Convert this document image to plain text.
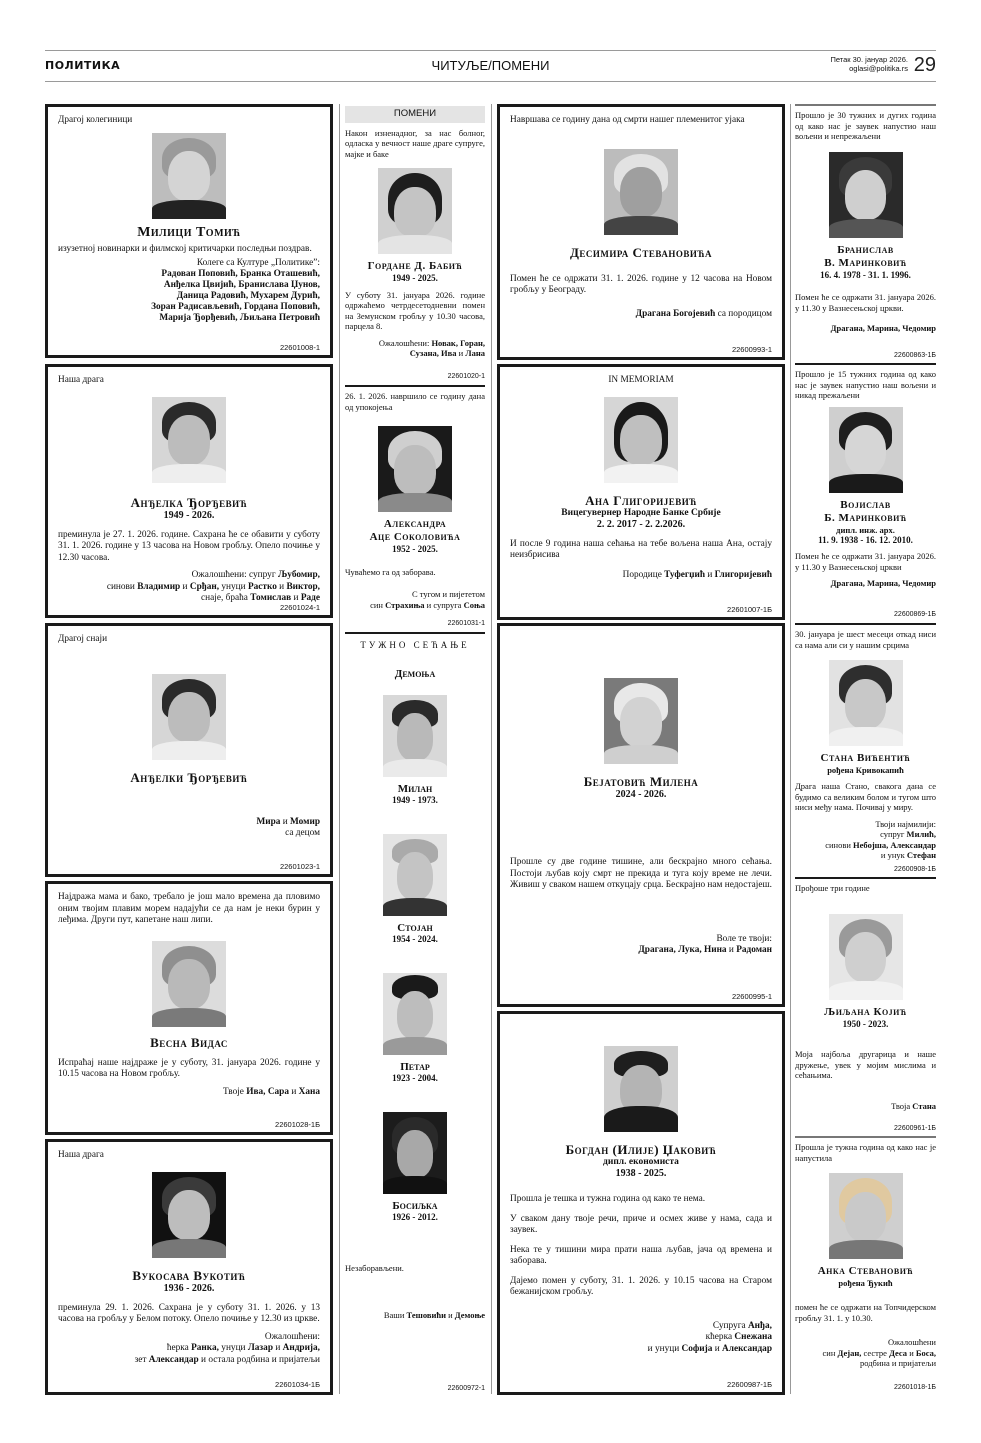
ПОЛИТИКА	ЧИТУЉЕ/ПОМЕНИ	Петак 30. јануар 2026.
oglasi@politika.rs 29
Драгој колегиници
Милици Томић
изузетној новинарки и филмској критичарки последњи поздрав.
Колеге са Културе „Политике”:
Радован Поповић, Бранка Оташевић,
Анђелка Цвијић, Бранислава Џунов,
Даница Радовић, Мухарем Дурић,
Зоран Радисављевић, Гордана Поповић,
Марија Ђорђевић, Љиљана Петровић
22601008-1
Наша драга
Анђелка Ђорђевић
1949 - 2026.
преминула је 27. 1. 2026. године. Сахрана ће се обавити у суботу 31. 1. 2026. године у 13 часова на Новом гробљу. Опело почиње у 12.30 часова.
Ожалошћени: супруг Љубомир,
синови Владимир и Срђан, унуци Растко и Виктор,
снаје, браћа Томислав и Раде
22601024-1
Драгој снаји
Анђелки Ђорђевић
Мира и Момир
са децом
22601023-1
Најдража мама и бако, требало је још мало времена да пловимо оним твојим плавим морем надајући се да нам је неки бурин у леђима. Други пут, капетане наш липи.
Весна Видас
Испраћај наше најдраже је у суботу, 31. јануара 2026. године у 10.15 часова на Новом гробљу.
Твоје Ива, Сара и Хана
22601028-1Б
Наша драга
Вукосава Вукотић
1936 - 2026.
преминула 29. 1. 2026. Сахрана је у суботу 31. 1. 2026. у 13 часова на гробљу у Белом потоку. Опело почиње у 12.30 из цркве.
Ожалошћени:
ћерка Ранка, унуци Лазар и Андрија,
зет Александар и остала родбина и пријатељи
22601034-1Б
ПОМЕНИ
Након изненадног, за нас болног, одласка у вечност наше драге супруге, мајке и баке
Гордане Д. Бабић
1949 - 2025.
У суботу 31. јануара 2026. године одржаћемо четрдесетодневни помен на Земунском гробљу у 10.30 часова, парцела 8.
Ожалошћени: Новак, Горан,
Сузана, Ива и Лана
22601020-1
26. 1. 2026. навршило се годину дана од упокојења
Александра
Аце Соколовића
1952 - 2025.
Чуваћемо га од заборава.
С тугом и пијететом
син Страхиња и супруга Соња
22601031-1
ТУЖНО СЕЋАЊЕ
Демоња
Милан
1949 - 1973.
Стојан
1954 - 2024.
Петар
1923 - 2004.
Босиљка
1926 - 2012.
Незаборављени.
Ваши Тешовићи и Демоње
22600972-1
Навршава се годину дана од смрти нашег племенитог ујака
Десимира Стевановића
Помен ће се одржати 31. 1. 2026. године у 12 часова на Новом гробљу у Београду.
Драгана Богојевић са породицом
22600993-1
IN MEMORIAM
Ана Глигоријевић
Вицегувернер Народне Банке Србије
2. 2. 2017 - 2. 2.2026.
И после 9 година наша сећања на тебе вољена наша Ана, остају неизбрисива
Породице Туфегџић и Глигоријевић
22601007-1Б
Бејатовић Милена
2024 - 2026.
Прошле су две године тишине, али бескрајно много сећања. Постоји љубав коју смрт не прекида и туга коју време не лечи. Живиш у сваком нашем откуцају срца. Бескрајно нам недостајеш.
Воле те твоји:
Драгана, Лука, Нина и Радоман
22600995-1
Богдан (Илије) Џаковић
дипл. економиста
1938 - 2025.
Прошла је тешка и тужна година од како те нема.
У сваком дану твоје речи, приче и осмех живе у нама, сада и заувек.
Нека те у тишини мира прати наша љубав, јача од времена и заборава.
Дајемо помен у суботу, 31. 1. 2026. у 10.15 часова на Старом бежанијском гробљу.
Супруга Анђа,
кћерка Снежана
и унуци Софија и Александар
22600987-1Б
Прошло је 30 тужних и дугих година од како нас је заувек напустио наш вољени и непрежаљени
Бранислав
В. Маринковић
16. 4. 1978 - 31. 1. 1996.
Помен ће се одржати 31. јануара 2026. у 11.30 у Вазнесењској цркви.
Драгана, Марина, Чедомир
22600863-1Б
Прошло је 15 тужних година од како нас је заувек напустио наш вољени и никад прежаљени
Војислав
Б. Маринковић
дипл. инж. арх.
11. 9. 1938 - 16. 12. 2010.
Помен ће се одржати 31. јануара 2026. у 11.30 у Вазнесењској цркви
Драгана, Марина, Чедомир
22600869-1Б
30. јануара је шест месеци откад ниси са нама али си у нашим срцима
Стана Вићентић
рођена Кривокапић
Драга наша Стано, свакога дана се будимо са великим болом и тугом што ниси међу нама. Почивај у миру.
Твоји најмилији:
супруг Милић,
синови Небојша, Александар
и унук Стефан
22600908-1Б
Прођоше три године
Љиљана Којић
1950 - 2023.
Моја најбоља другарица и наше дружење, увек у мојим мислима и сећањима.
Твоја Стана
22600961-1Б
Прошла је тужна година од како нас је напустила
Анка Стевановић
рођена Ђукић
помен ће се одржати на Топчидерском гробљу 31. 1. у 10.30.
Ожалошћени
син Дејан, сестре Деса и Боса,
родбина и пријатељи
22601018-1Б
